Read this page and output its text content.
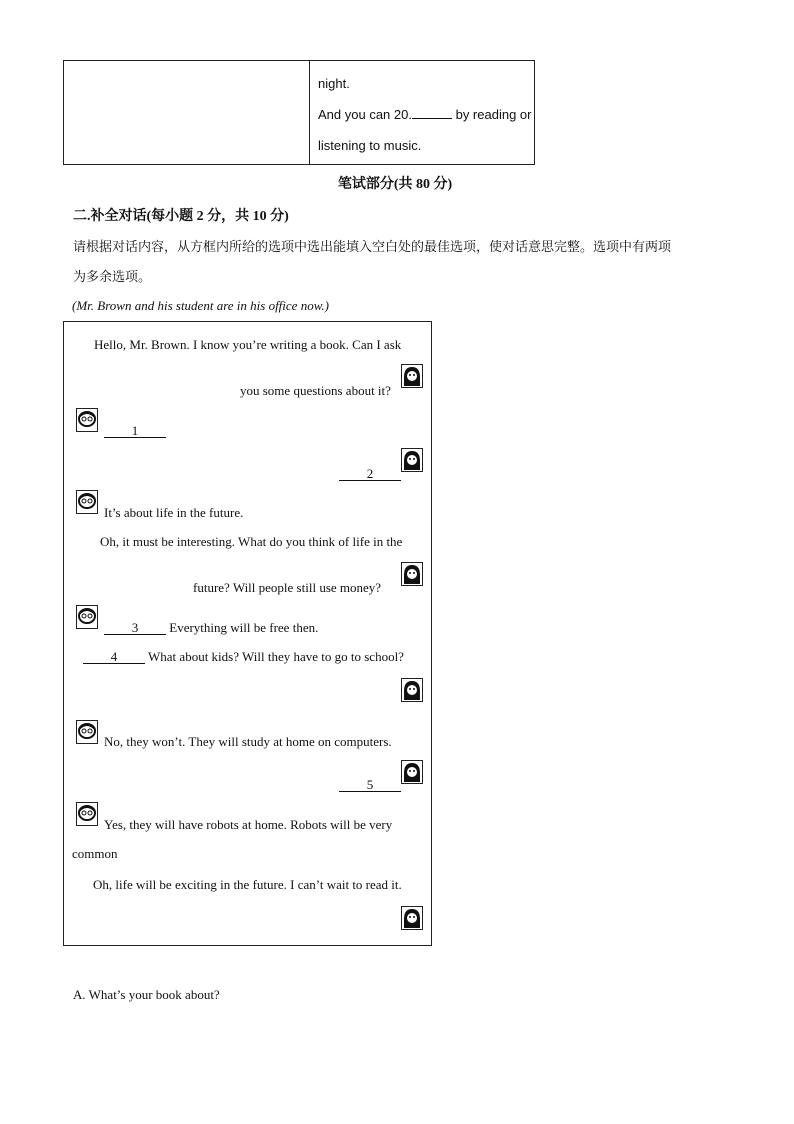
night.
And you can 20.	by reading or
listening to music.
笔试部分(共 80 分)
二.补全对话(每小题 2 分，共 10 分)
请根据对话内容，从方框内所给的选项中选出能填入空白处的最佳选项，使对话意思完整。选项中有两项
为多余选项。
(Mr. Brown and his student are in his office now.)
Hello, Mr. Brown. I know you’re writing a book. Can I ask
you some questions about it?
1
2
It’s about life in the future.
Oh, it must be interesting. What do you think of life in the
future? Will people still use money?
3 Everything will be free then.
4 What about kids? Will they have to go to school?
No, they won’t. They will study at home on computers.
5
Yes, they will have robots at home. Robots will be very
common
Oh, life will be exciting in the future. I can’t wait to read it.
A. What’s your book about?
